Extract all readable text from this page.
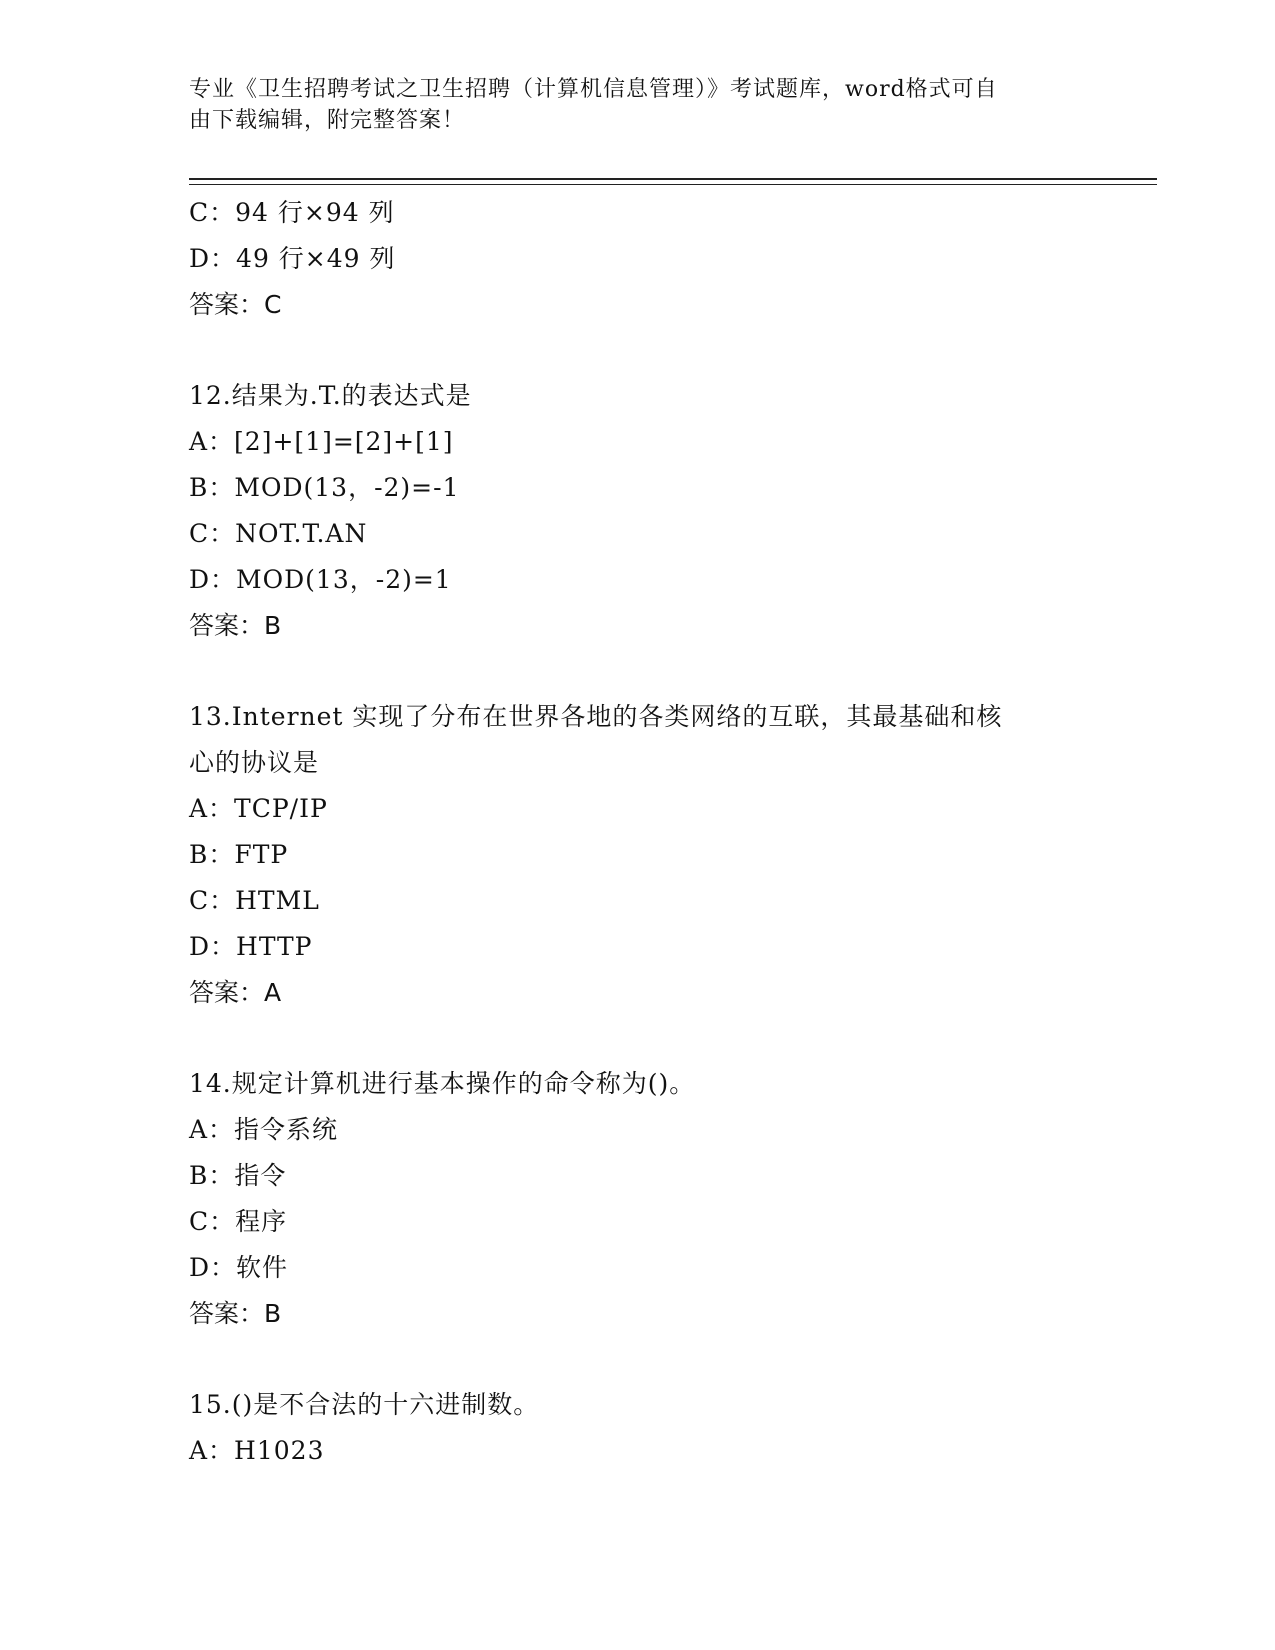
专业《卫生招聘考试之卫生招聘（计算机信息管理）》考试题库，word格式可自
由下载编辑，附完整答案！
C：94 行×94 列
D：49 行×49 列
答案：C
12.结果为.T.的表达式是
A：[2]+[1]=[2]+[1]
B：MOD(13，-2)=-1
C：NOT.T.AN
D：MOD(13，-2)=1
答案：B
13.Internet 实现了分布在世界各地的各类网络的互联，其最基础和核
心的协议是
A：TCP/IP
B：FTP
C：HTML
D：HTTP
答案：A
14.规定计算机进行基本操作的命令称为()。
A：指令系统
B：指令
C：程序
D：软件
答案：B
15.()是不合法的十六进制数。
A：H1023
